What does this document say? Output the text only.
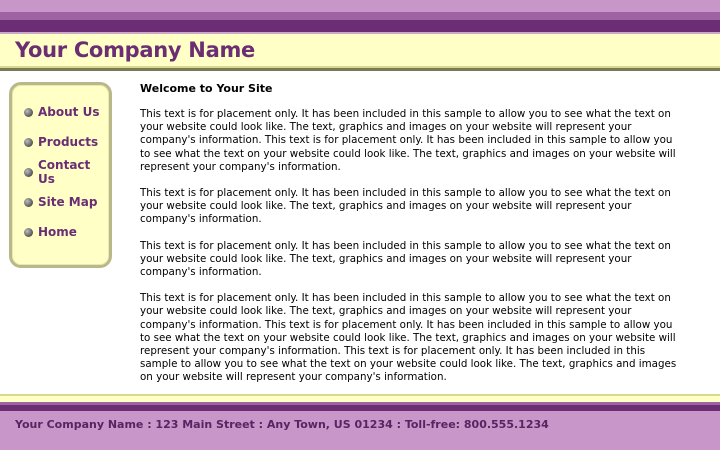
Your Company Name
About Us
Products
Contact Us
Site Map
Home
Welcome to Your Site

This text is for placement only. It has been included in this sample to allow you to see what the text on your website could look like. The text, graphics and images on your website will represent your company's information. This text is for placement only. It has been included in this sample to allow you to see what the text on your website could look like. The text, graphics and images on your website will represent your company's information.

This text is for placement only. It has been included in this sample to allow you to see what the text on your website could look like. The text, graphics and images on your website will represent your company's information.

This text is for placement only. It has been included in this sample to allow you to see what the text on your website could look like. The text, graphics and images on your website will represent your company's information.

This text is for placement only. It has been included in this sample to allow you to see what the text on your website could look like. The text, graphics and images on your website will represent your company's information. This text is for placement only. It has been included in this sample to allow you to see what the text on your website could look like. The text, graphics and images on your website will represent your company's information. This text is for placement only. It has been included in this sample to allow you to see what the text on your website could look like. The text, graphics and images on your website will represent your company's information.

Your Company Name : 123 Main Street : Any Town, US 01234 : Toll-free: 800.555.1234
